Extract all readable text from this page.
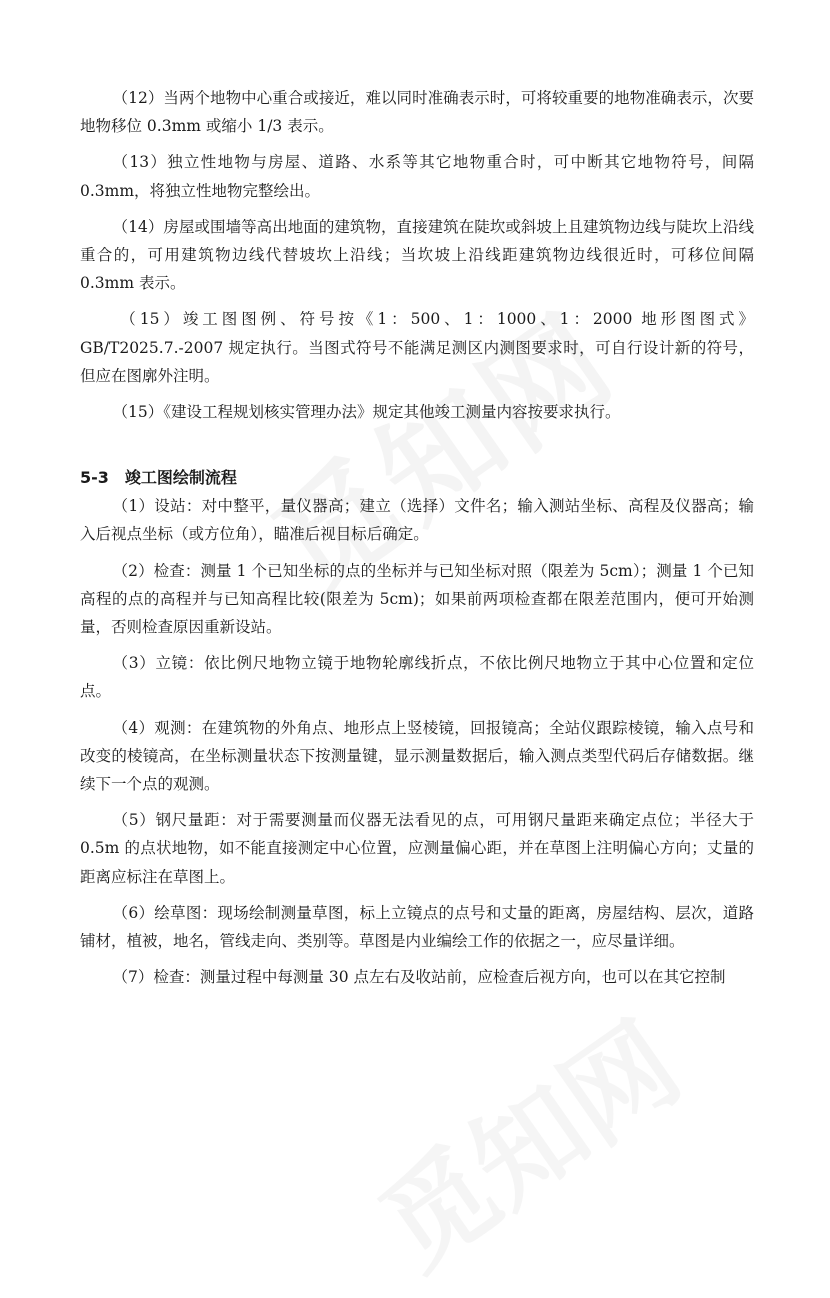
（12）当两个地物中心重合或接近，难以同时准确表示时，可将较重要的地物准确表示，次要地物移位 0.3mm 或缩小 1/3 表示。

（13）独立性地物与房屋、道路、水系等其它地物重合时，可中断其它地物符号，间隔 0.3mm，将独立性地物完整绘出。

（14）房屋或围墙等高出地面的建筑物，直接建筑在陡坎或斜坡上且建筑物边线与陡坎上沿线重合的，可用建筑物边线代替坡坎上沿线；当坎坡上沿线距建筑物边线很近时，可移位间隔 0.3mm 表示。

（15）竣工图图例、符号按《1：500、1：1000、1：2000 地形图图式》GB/T2025.7.-2007 规定执行。当图式符号不能满足测区内测图要求时，可自行设计新的符号，但应在图廓外注明。

（15）《建设工程规划核实管理办法》规定其他竣工测量内容按要求执行。

5-3　竣工图绘制流程

（1）设站：对中整平，量仪器高；建立（选择）文件名；输入测站坐标、高程及仪器高；输入后视点坐标（或方位角），瞄准后视目标后确定。

（2）检查：测量 1 个已知坐标的点的坐标并与已知坐标对照（限差为 5cm）；测量 1 个已知高程的点的高程并与已知高程比较(限差为 5cm)；如果前两项检查都在限差范围内，便可开始测量，否则检查原因重新设站。

（3）立镜：依比例尺地物立镜于地物轮廓线折点，不依比例尺地物立于其中心位置和定位点。

（4）观测：在建筑物的外角点、地形点上竖棱镜，回报镜高；全站仪跟踪棱镜，输入点号和改变的棱镜高，在坐标测量状态下按测量键，显示测量数据后，输入测点类型代码后存储数据。继续下一个点的观测。

（5）钢尺量距：对于需要测量而仪器无法看见的点，可用钢尺量距来确定点位；半径大于 0.5m 的点状地物，如不能直接测定中心位置，应测量偏心距，并在草图上注明偏心方向；丈量的距离应标注在草图上。

（6）绘草图：现场绘制测量草图，标上立镜点的点号和丈量的距离，房屋结构、层次，道路铺材，植被，地名，管线走向、类别等。草图是内业编绘工作的依据之一，应尽量详细。

（7）检查：测量过程中每测量 30 点左右及收站前，应检查后视方向，也可以在其它控制
